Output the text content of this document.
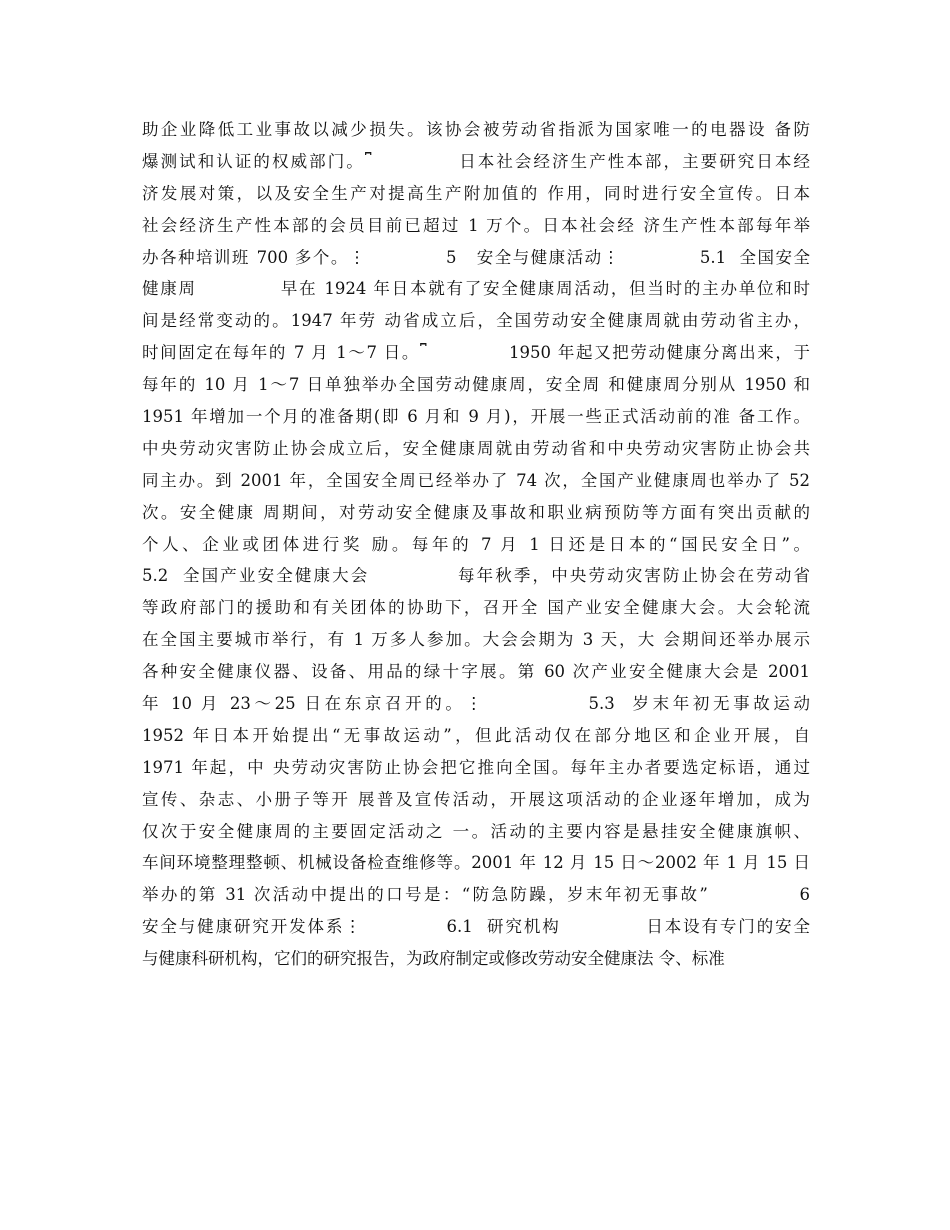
助企业降低工业事故以减少损失。该协会被劳动省指派为国家唯一的电器设 备防
爆测试和认证的权威部门。⎴            日本社会经济生产性本部，主要研究日本经
济发展对策，以及安全生产对提高生产附加值的 作用，同时进行安全宣传。日本
社会经济生产性本部的会员目前已超过 1 万个。日本社会经 济生产性本部每年举
办各种培训班 700 多个。⋮            5   安全与健康活动⋮            5.1  全国安全
健康周            早在 1924 年日本就有了安全健康周活动，但当时的主办单位和时
间是经常变动的。1947 年劳 动省成立后，全国劳动安全健康周就由劳动省主办，
时间固定在每年的 7 月 1～7 日。⎴            1950 年起又把劳动健康分离出来，于
每年的 10 月 1～7 日单独举办全国劳动健康周，安全周 和健康周分别从 1950 和
1951 年增加一个月的准备期(即 6 月和 9 月)，开展一些正式活动前的准 备工作。
中央劳动灾害防止协会成立后，安全健康周就由劳动省和中央劳动灾害防止协会共
同主办。到 2001 年，全国安全周已经举办了 74 次，全国产业健康周也举办了 52
次。安全健康 周期间，对劳动安全健康及事故和职业病预防等方面有突出贡献的
个人、企业或团体进行奖 励。每年的 7 月 1 日还是日本的“国民安全日”。
5.2  全国产业安全健康大会            每年秋季，中央劳动灾害防止协会在劳动省
等政府部门的援助和有关团体的协助下，召开全 国产业安全健康大会。大会轮流
在全国主要城市举行，有 1 万多人参加。大会会期为 3 天，大 会期间还举办展示
各种安全健康仪器、设备、用品的绿十字展。第 60 次产业安全健康大会是 2001
年 10 月 23～25 日在东京召开的。⋮            5.3  岁末年初无事故运动
1952 年日本开始提出“无事故运动”，但此活动仅在部分地区和企业开展，自
1971 年起，中 央劳动灾害防止协会把它推向全国。每年主办者要选定标语，通过
宣传、杂志、小册子等开 展普及宣传活动，开展这项活动的企业逐年增加，成为
仅次于安全健康周的主要固定活动之 一。活动的主要内容是悬挂安全健康旗帜、
车间环境整理整顿、机械设备检查维修等。2001 年 12 月 15 日～2002 年 1 月 15 日
举办的第 31 次活动中提出的口号是：“防急防躁，岁末年初无事故”            6
安全与健康研究开发体系⋮            6.1  研究机构            日本设有专门的安全
与健康科研机构，它们的研究报告，为政府制定或修改劳动安全健康法 令、标准
